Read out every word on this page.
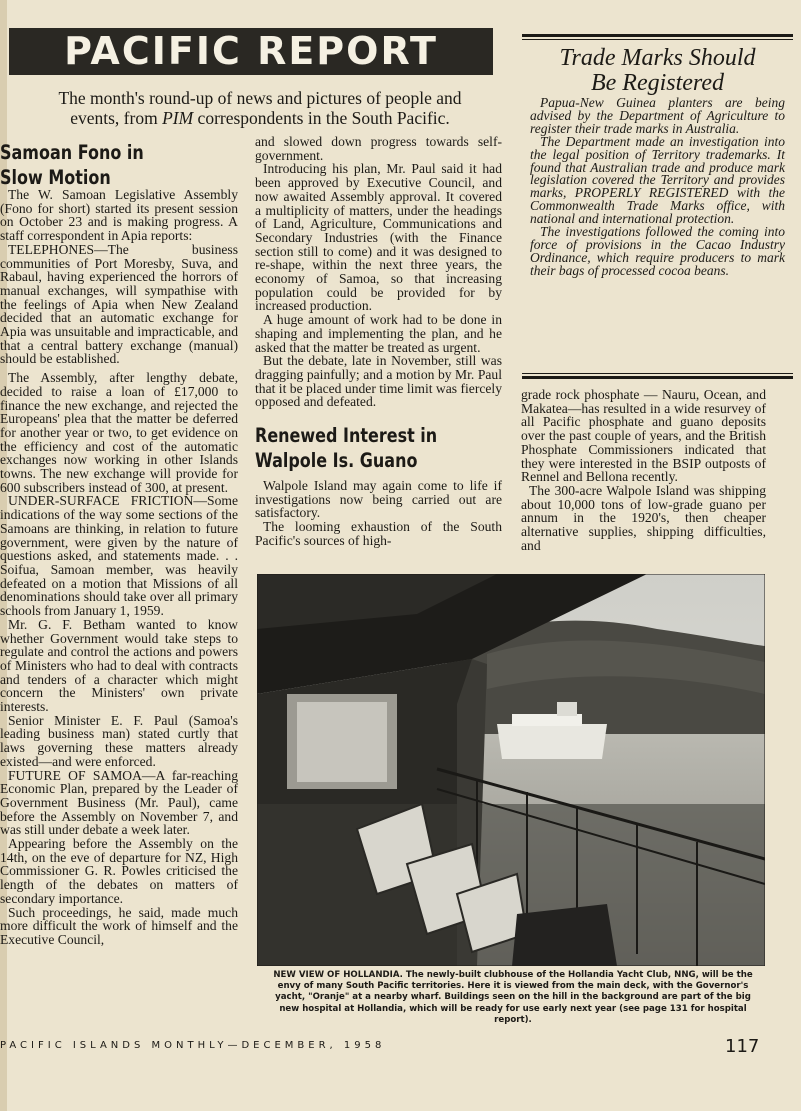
PACIFIC REPORT
The month's round-up of news and pictures of people and
events, from PIM correspondents in the South Pacific.
Samoan Fono in
Slow Motion

The W. Samoan Legislative Assembly (Fono for short) started its present session on October 23 and is making progress. A staff correspondent in Apia reports:

TELEPHONES—The business communities of Port Moresby, Suva, and Rabaul, having experienced the horrors of manual exchanges, will sympathise with the feelings of Apia when New Zealand decided that an automatic exchange for Apia was unsuitable and impracticable, and that a central battery exchange (manual) should be established.

The Assembly, after lengthy debate, decided to raise a loan of £17,000 to finance the new exchange, and rejected the Europeans' plea that the matter be deferred for another year or two, to get evidence on the efficiency and cost of the automatic exchanges now working in other Islands towns. The new exchange will provide for 600 subscribers instead of 300, at present.

UNDER-SURFACE FRICTION—Some indications of the way some sections of the Samoans are thinking, in relation to future government, were given by the nature of questions asked, and statements made. . . Soifua, Samoan member, was heavily defeated on a motion that Missions of all denominations should take over all primary schools from January 1, 1959.

Mr. G. F. Betham wanted to know whether Government would take steps to regulate and control the actions and powers of Ministers who had to deal with contracts and tenders of a character which might concern the Ministers' own private interests.

Senior Minister E. F. Paul (Samoa's leading business man) stated curtly that laws governing these matters already existed—and were enforced.

FUTURE OF SAMOA—A far-reaching Economic Plan, prepared by the Leader of Government Business (Mr. Paul), came before the Assembly on November 7, and was still under debate a week later.

Appearing before the Assembly on the 14th, on the eve of departure for NZ, High Commissioner G. R. Powles criticised the length of the debates on matters of secondary importance.

Such proceedings, he said, made much more difficult the work of himself and the Executive Council,

and slowed down progress towards self-government.

Introducing his plan, Mr. Paul said it had been approved by Executive Council, and now awaited Assembly approval. It covered a multiplicity of matters, under the headings of Land, Agriculture, Communications and Secondary Industries (with the Finance section still to come) and it was designed to re-shape, within the next three years, the economy of Samoa, so that increasing population could be provided for by increased production.

A huge amount of work had to be done in shaping and implementing the plan, and he asked that the matter be treated as urgent.

But the debate, late in November, still was dragging painfully; and a motion by Mr. Paul that it be placed under time limit was fiercely opposed and defeated.

Renewed Interest in
Walpole Is. Guano

Walpole Island may again come to life if investigations now being carried out are satisfactory.

The looming exhaustion of the South Pacific's sources of high-

Trade Marks Should
Be Registered

Papua-New Guinea planters are being advised by the Department of Agriculture to register their trade marks in Australia.

The Department made an investigation into the legal position of Territory trademarks. It found that Australian trade and produce mark legislation covered the Territory and provides marks, PROPERLY REGISTERED with the Commonwealth Trade Marks office, with national and international protection.

The investigations followed the coming into force of provisions in the Cacao Industry Ordinance, which require producers to mark their bags of processed cocoa beans.

grade rock phosphate — Nauru, Ocean, and Makatea—has resulted in a wide resurvey of all Pacific phosphate and guano deposits over the past couple of years, and the British Phosphate Commissioners indicated that they were interested in the BSIP outposts of Rennel and Bellona recently.

The 300-acre Walpole Island was shipping about 10,000 tons of low-grade guano per annum in the 1920's, then cheaper alternative supplies, shipping difficulties, and

NEW VIEW OF HOLLANDIA. The newly-built clubhouse of the Hollandia Yacht Club, NNG, will be the envy of many South Pacific territories. Here it is viewed from the main deck, with the Governor's yacht, "Oranje" at a nearby wharf. Buildings seen on the hill in the background are part of the big new hospital at Hollandia, which will be ready for use early next year (see page 131 for hospital report).
PACIFIC ISLANDS MONTHLY—DECEMBER, 1958	117
